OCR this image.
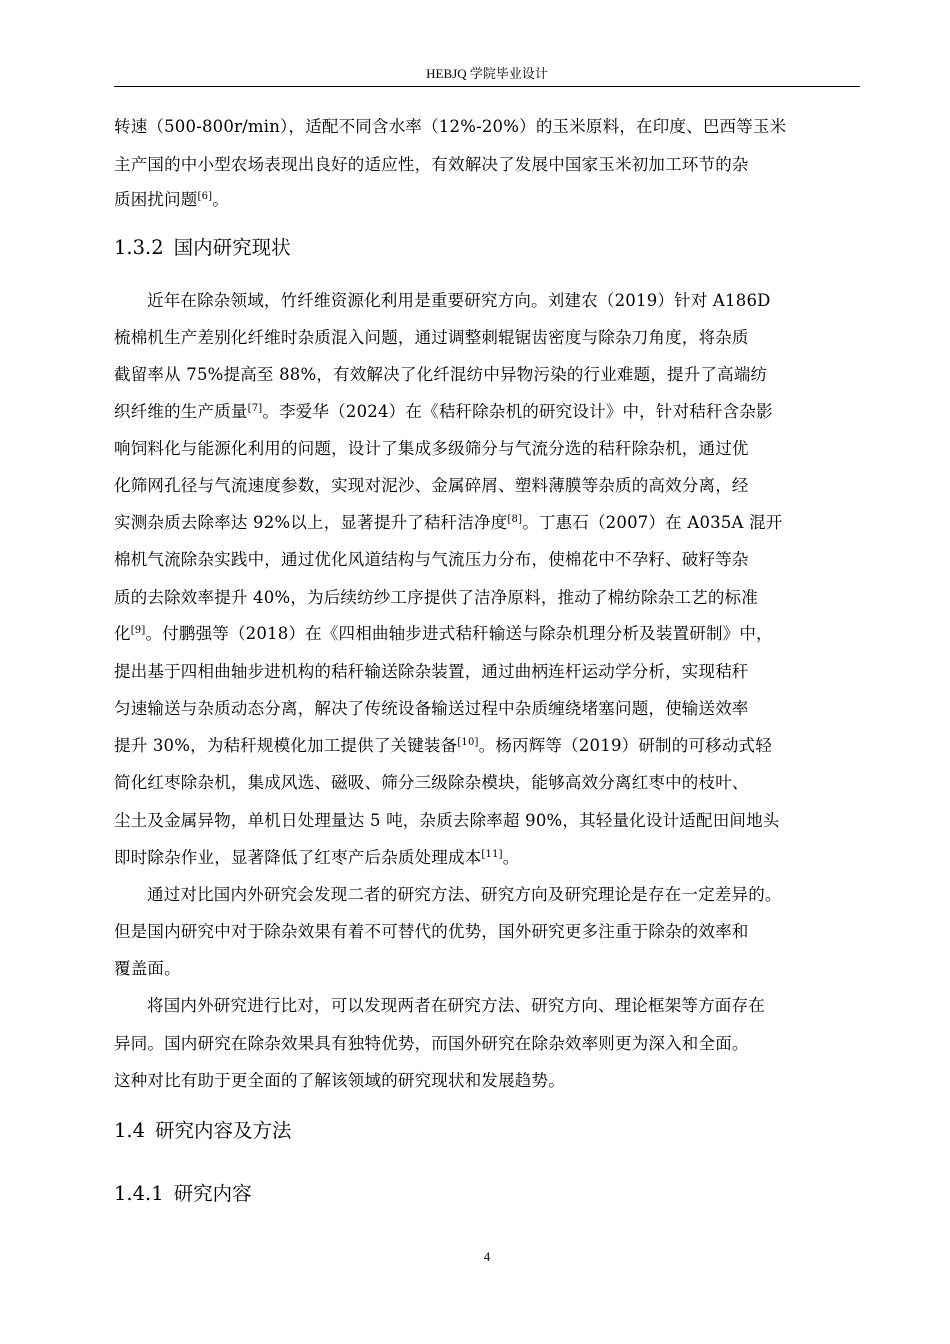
HEBJQ 学院毕业设计
转速（500-800r/min），适配不同含水率（12%-20%）的玉米原料，在印度、巴西等玉米
主产国的中小型农场表现出良好的适应性，有效解决了发展中国家玉米初加工环节的杂
质困扰问题[6]。
1.3.2 国内研究现状
近年在除杂领域，竹纤维资源化利用是重要研究方向。刘建农（2019）针对 A186D
梳棉机生产差别化纤维时杂质混入问题，通过调整刺辊锯齿密度与除杂刀角度，将杂质
截留率从 75%提高至 88%，有效解决了化纤混纺中异物污染的行业难题，提升了高端纺
织纤维的生产质量[7]。李爱华（2024）在《秸秆除杂机的研究设计》中，针对秸秆含杂影
响饲料化与能源化利用的问题，设计了集成多级筛分与气流分选的秸秆除杂机，通过优
化筛网孔径与气流速度参数，实现对泥沙、金属碎屑、塑料薄膜等杂质的高效分离，经
实测杂质去除率达 92%以上，显著提升了秸秆洁净度[8]。丁惠石（2007）在 A035A 混开
棉机气流除杂实践中，通过优化风道结构与气流压力分布，使棉花中不孕籽、破籽等杂
质的去除效率提升 40%，为后续纺纱工序提供了洁净原料，推动了棉纺除杂工艺的标准
化[9]。付鹏强等（2018）在《四相曲轴步进式秸秆输送与除杂机理分析及装置研制》中，
提出基于四相曲轴步进机构的秸秆输送除杂装置，通过曲柄连杆运动学分析，实现秸秆
匀速输送与杂质动态分离，解决了传统设备输送过程中杂质缠绕堵塞问题，使输送效率
提升 30%，为秸秆规模化加工提供了关键装备[10]。杨丙辉等（2019）研制的可移动式轻
简化红枣除杂机，集成风选、磁吸、筛分三级除杂模块，能够高效分离红枣中的枝叶、
尘土及金属异物，单机日处理量达 5 吨，杂质去除率超 90%，其轻量化设计适配田间地头
即时除杂作业，显著降低了红枣产后杂质处理成本[11]。
通过对比国内外研究会发现二者的研究方法、研究方向及研究理论是存在一定差异的。
但是国内研究中对于除杂效果有着不可替代的优势，国外研究更多注重于除杂的效率和
覆盖面。
将国内外研究进行比对，可以发现两者在研究方法、研究方向、理论框架等方面存在
异同。国内研究在除杂效果具有独特优势，而国外研究在除杂效率则更为深入和全面。
这种对比有助于更全面的了解该领域的研究现状和发展趋势。
1.4 研究内容及方法
1.4.1 研究内容
4
